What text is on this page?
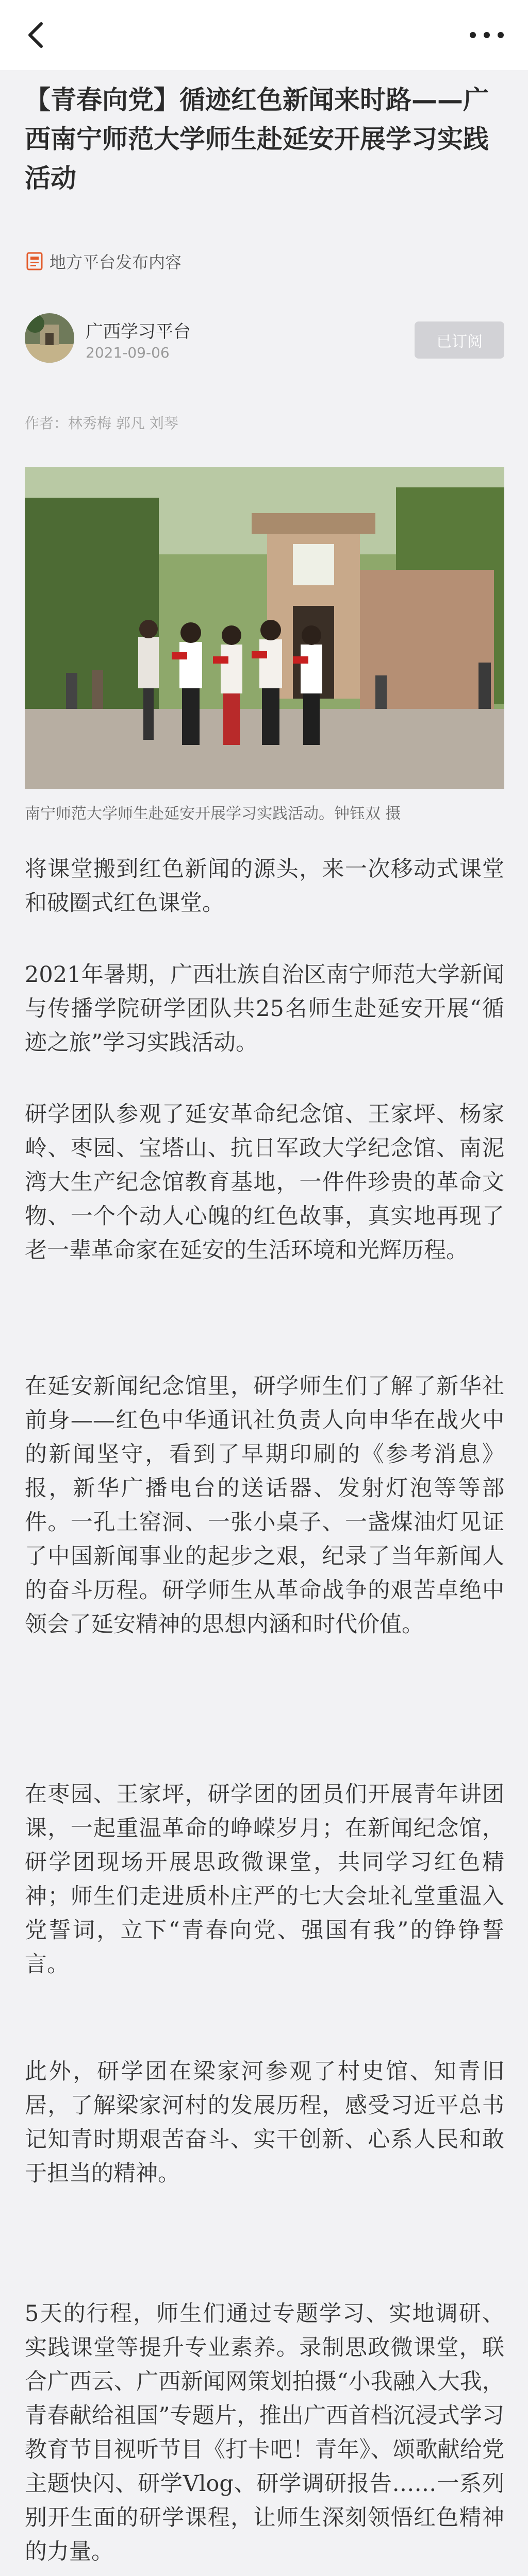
【青春向党】循迹红色新闻来时路——广西南宁师范大学师生赴延安开展学习实践活动
地方平台发布内容
广西学习平台
2021-09-06
已订阅
作者：林秀梅 郭凡 刘琴
南宁师范大学师生赴延安开展学习实践活动。钟钰双 摄

将课堂搬到红色新闻的源头，来一次移动式课堂和破圈式红色课堂。

2021年暑期，广西壮族自治区南宁师范大学新闻与传播学院研学团队共25名师生赴延安开展“循迹之旅”学习实践活动。

研学团队参观了延安革命纪念馆、王家坪、杨家岭、枣园、宝塔山、抗日军政大学纪念馆、南泥湾大生产纪念馆教育基地，一件件珍贵的革命文物、一个个动人心魄的红色故事，真实地再现了老一辈革命家在延安的生活环境和光辉历程。

在延安新闻纪念馆里，研学师生们了解了新华社前身——红色中华通讯社负责人向申华在战火中的新闻坚守，看到了早期印刷的《参考消息》报，新华广播电台的送话器、发射灯泡等等部件。一孔土窑洞、一张小桌子、一盏煤油灯见证了中国新闻事业的起步之艰，纪录了当年新闻人的奋斗历程。研学师生从革命战争的艰苦卓绝中领会了延安精神的思想内涵和时代价值。

在枣园、王家坪，研学团的团员们开展青年讲团课，一起重温革命的峥嵘岁月；在新闻纪念馆，研学团现场开展思政微课堂，共同学习红色精神；师生们走进质朴庄严的七大会址礼堂重温入党誓词，立下“青春向党、强国有我”的铮铮誓言。

此外，研学团在梁家河参观了村史馆、知青旧居，了解梁家河村的发展历程，感受习近平总书记知青时期艰苦奋斗、实干创新、心系人民和敢于担当的精神。

5天的行程，师生们通过专题学习、实地调研、实践课堂等提升专业素养。录制思政微课堂，联合广西云、广西新闻网策划拍摄“小我融入大我，青春献给祖国”专题片，推出广西首档沉浸式学习教育节目视听节目《打卡吧！青年》、颂歌献给党主题快闪、研学Vlog、研学调研报告……一系列别开生面的研学课程，让师生深刻领悟红色精神的力量。
